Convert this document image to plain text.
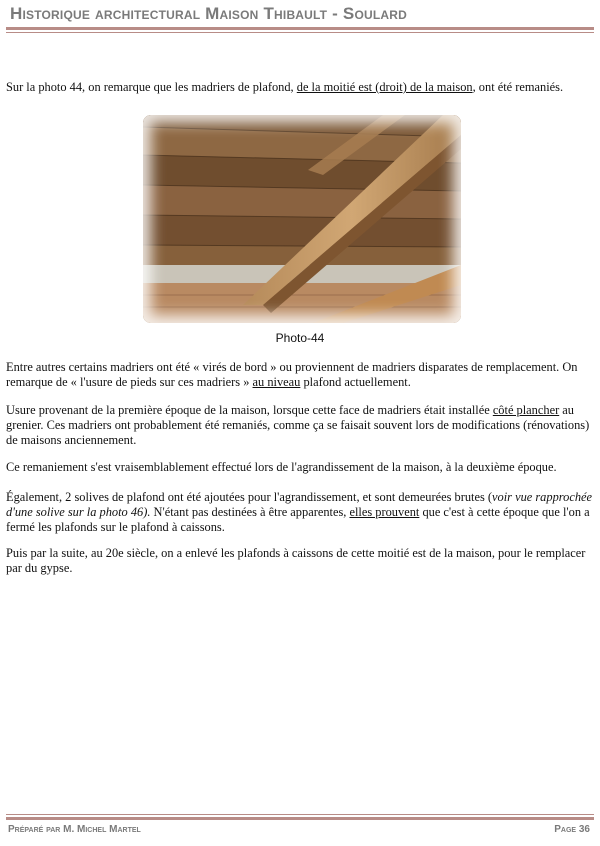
Historique architectural Maison Thibault - Soulard
Sur la photo 44, on remarque que les madriers de plafond, de la moitié est (droit) de la maison, ont été remaniés.
Photo-44
Entre autres certains madriers ont été « virés de bord » ou proviennent de madriers disparates de remplacement. On remarque de « l'usure de pieds sur ces madriers » au niveau plafond actuellement.
Usure provenant de la première époque de la maison, lorsque cette face de madriers était installée côté plancher au grenier. Ces madriers ont probablement été remaniés, comme ça se faisait souvent lors de modifications (rénovations) de maisons anciennement.
Ce remaniement s'est vraisemblablement effectué lors de l'agrandissement de la maison, à la deuxième époque.
Également, 2 solives de plafond ont été ajoutées pour l'agrandissement, et sont demeurées brutes (voir vue rapprochée d'une solive sur la photo 46). N'étant pas destinées à être apparentes, elles prouvent que c'est à cette époque que l'on a fermé les plafonds sur le plafond à caissons.
Puis par la suite, au 20e siècle, on a enlevé les plafonds à caissons de cette moitié est de la maison, pour le remplacer par du gypse.
Préparé par M. Michel Martel	Page 36
